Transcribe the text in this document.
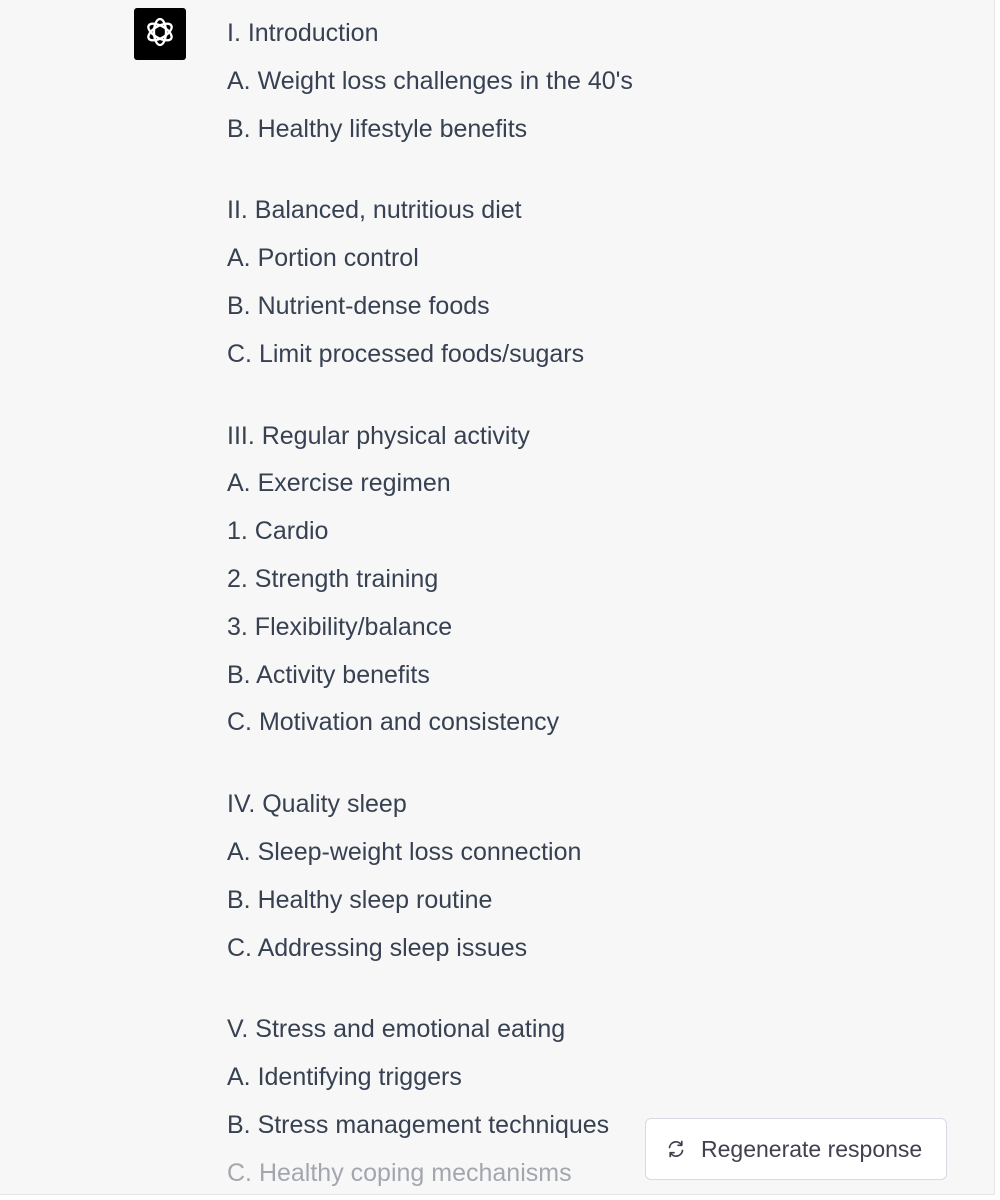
I. Introduction
A. Weight loss challenges in the 40's
B. Healthy lifestyle benefits
II. Balanced, nutritious diet
A. Portion control
B. Nutrient-dense foods
C. Limit processed foods/sugars
III. Regular physical activity
A. Exercise regimen
1. Cardio
2. Strength training
3. Flexibility/balance
B. Activity benefits
C. Motivation and consistency
IV. Quality sleep
A. Sleep-weight loss connection
B. Healthy sleep routine
C. Addressing sleep issues
V. Stress and emotional eating
A. Identifying triggers
B. Stress management techniques
C. Healthy coping mechanisms
Regenerate response
